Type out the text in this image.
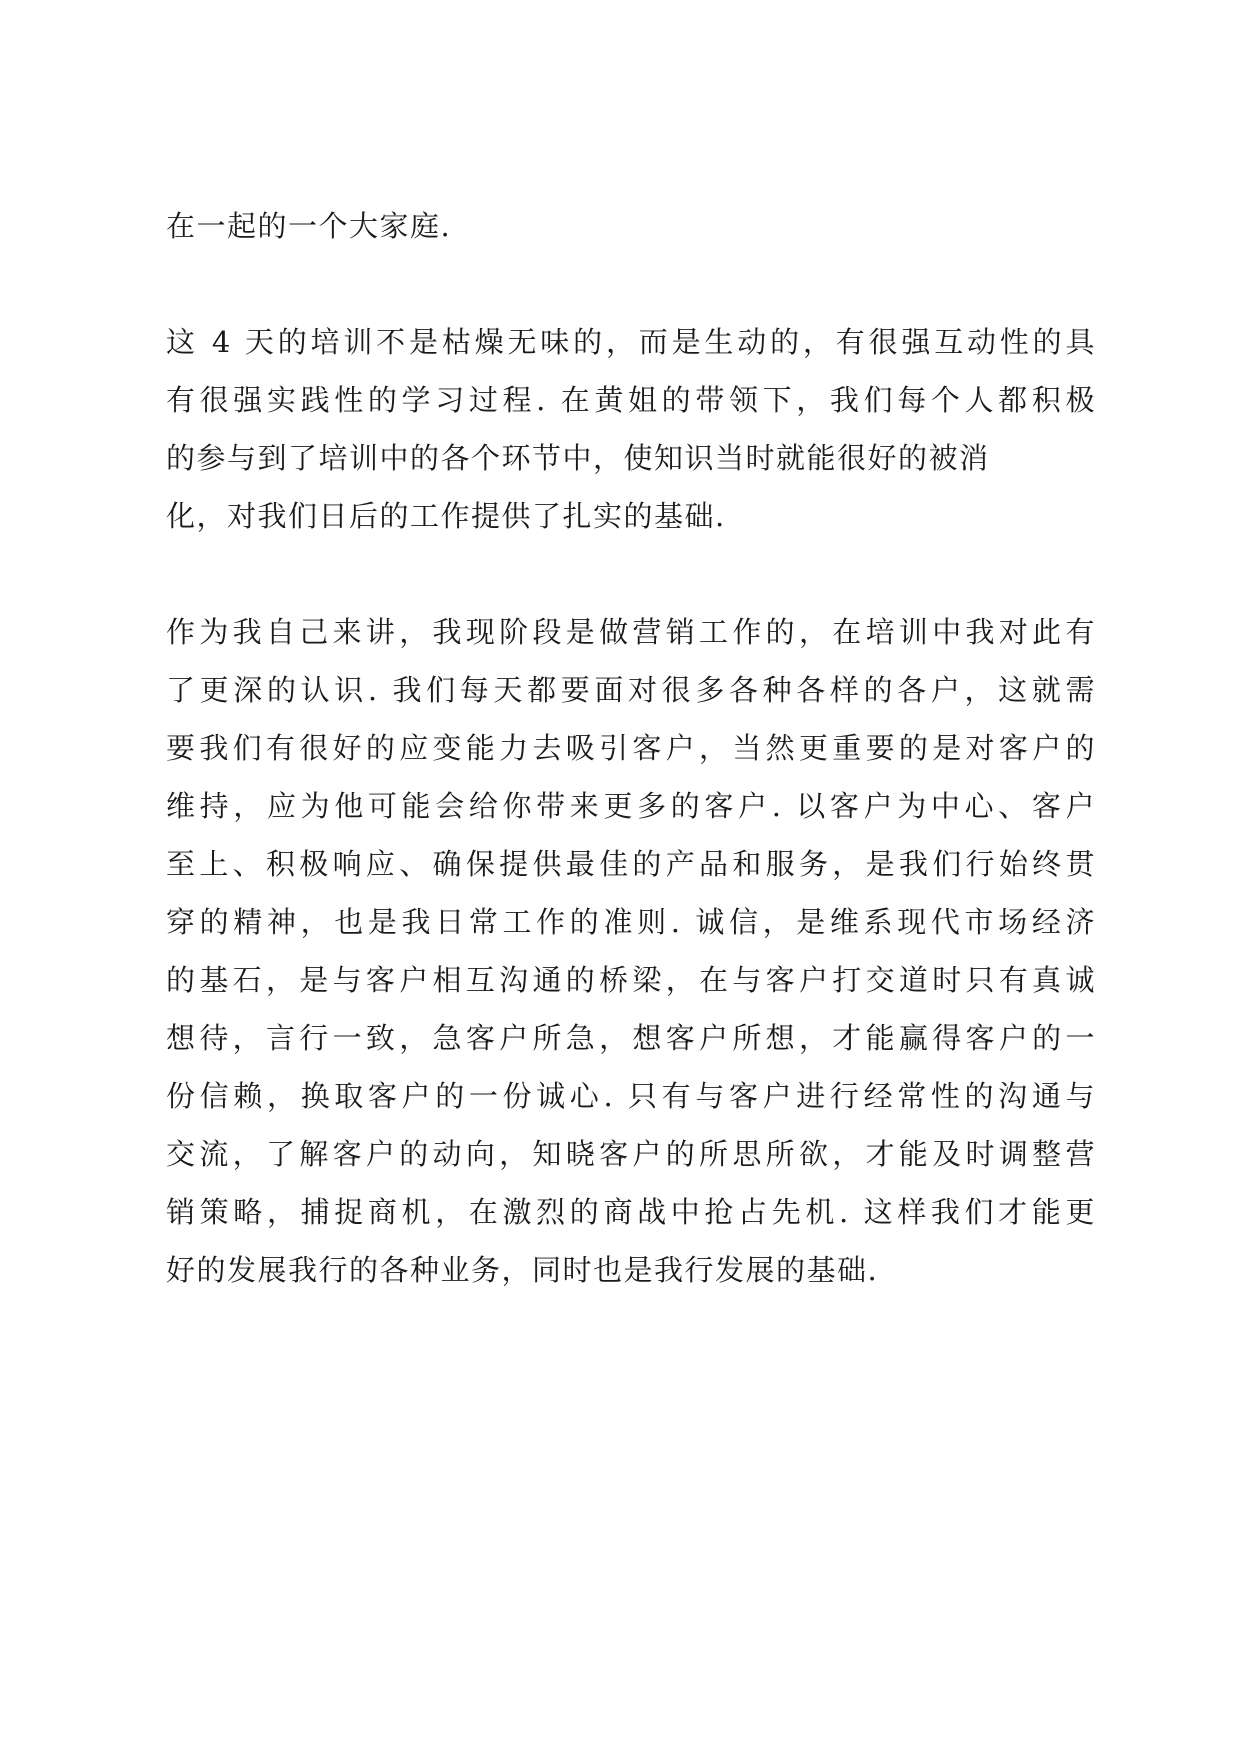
在一起的一个大家庭.
这 4 天的培训不是枯燥无味的，而是生动的，有很强互动性的具
有很强实践性的学习过程. 在黄姐的带领下，我们每个人都积极
的参与到了培训中的各个环节中，使知识当时就能很好的被消
化，对我们日后的工作提供了扎实的基础.
作为我自己来讲，我现阶段是做营销工作的，在培训中我对此有
了更深的认识. 我们每天都要面对很多各种各样的各户，这就需
要我们有很好的应变能力去吸引客户，当然更重要的是对客户的
维持，应为他可能会给你带来更多的客户. 以客户为中心、客户
至上、积极响应、确保提供最佳的产品和服务，是我们行始终贯
穿的精神，也是我日常工作的准则. 诚信，是维系现代市场经济
的基石，是与客户相互沟通的桥梁，在与客户打交道时只有真诚
想待，言行一致，急客户所急，想客户所想，才能赢得客户的一
份信赖，换取客户的一份诚心. 只有与客户进行经常性的沟通与
交流，了解客户的动向，知晓客户的所思所欲，才能及时调整营
销策略，捕捉商机，在激烈的商战中抢占先机. 这样我们才能更
好的发展我行的各种业务，同时也是我行发展的基础.
